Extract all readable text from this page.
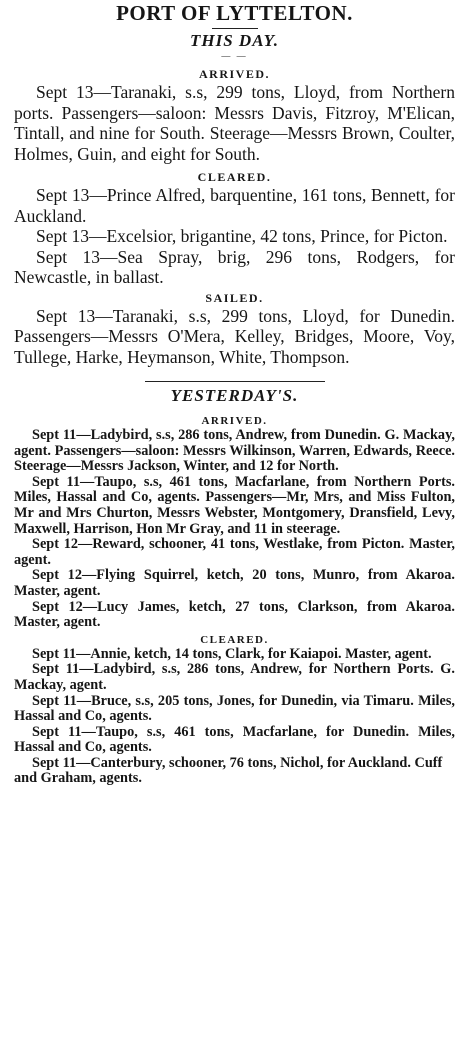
PORT OF LYTTELTON.
THIS DAY.
— —
ARRIVED.

Sept 13—Taranaki, s.s, 299 tons, Lloyd, from Northern ports. Passengers—saloon: Messrs Davis, Fitzroy, M'Elican, Tintall, and nine for South. Steerage—Messrs Brown, Coulter, Holmes, Guin, and eight for South.

CLEARED.

Sept 13—Prince Alfred, barquentine, 161 tons, Bennett, for Auckland.

Sept 13—Excelsior, brigantine, 42 tons, Prince, for Picton.

Sept 13—Sea Spray, brig, 296 tons, Rodgers, for Newcastle, in ballast.

SAILED.

Sept 13—Taranaki, s.s, 299 tons, Lloyd, for Dunedin. Passengers—Messrs O'Mera, Kelley, Bridges, Moore, Voy, Tullege, Harke, Heymanson, White, Thompson.

YESTERDAY'S.
ARRIVED.

Sept 11—Ladybird, s.s, 286 tons, Andrew, from Dunedin. G. Mackay, agent. Passengers—saloon: Messrs Wilkinson, Warren, Edwards, Reece. Steerage—Messrs Jackson, Winter, and 12 for North.

Sept 11—Taupo, s.s, 461 tons, Macfarlane, from Northern Ports. Miles, Hassal and Co, agents. Passengers—Mr, Mrs, and Miss Fulton, Mr and Mrs Churton, Messrs Webster, Montgomery, Dransfield, Levy, Maxwell, Harrison, Hon Mr Gray, and 11 in steerage.

Sept 12—Reward, schooner, 41 tons, Westlake, from Picton. Master, agent.

Sept 12—Flying Squirrel, ketch, 20 tons, Munro, from Akaroa. Master, agent.

Sept 12—Lucy James, ketch, 27 tons, Clarkson, from Akaroa. Master, agent.

CLEARED.

Sept 11—Annie, ketch, 14 tons, Clark, for Kaiapoi. Master, agent.

Sept 11—Ladybird, s.s, 286 tons, Andrew, for Northern Ports. G. Mackay, agent.

Sept 11—Bruce, s.s, 205 tons, Jones, for Dunedin, via Timaru. Miles, Hassal and Co, agents.

Sept 11—Taupo, s.s, 461 tons, Macfarlane, for Dunedin. Miles, Hassal and Co, agents.

Sept 11—Canterbury, schooner, 76 tons, Nichol, for Auckland. Cuff and Graham, agents.
